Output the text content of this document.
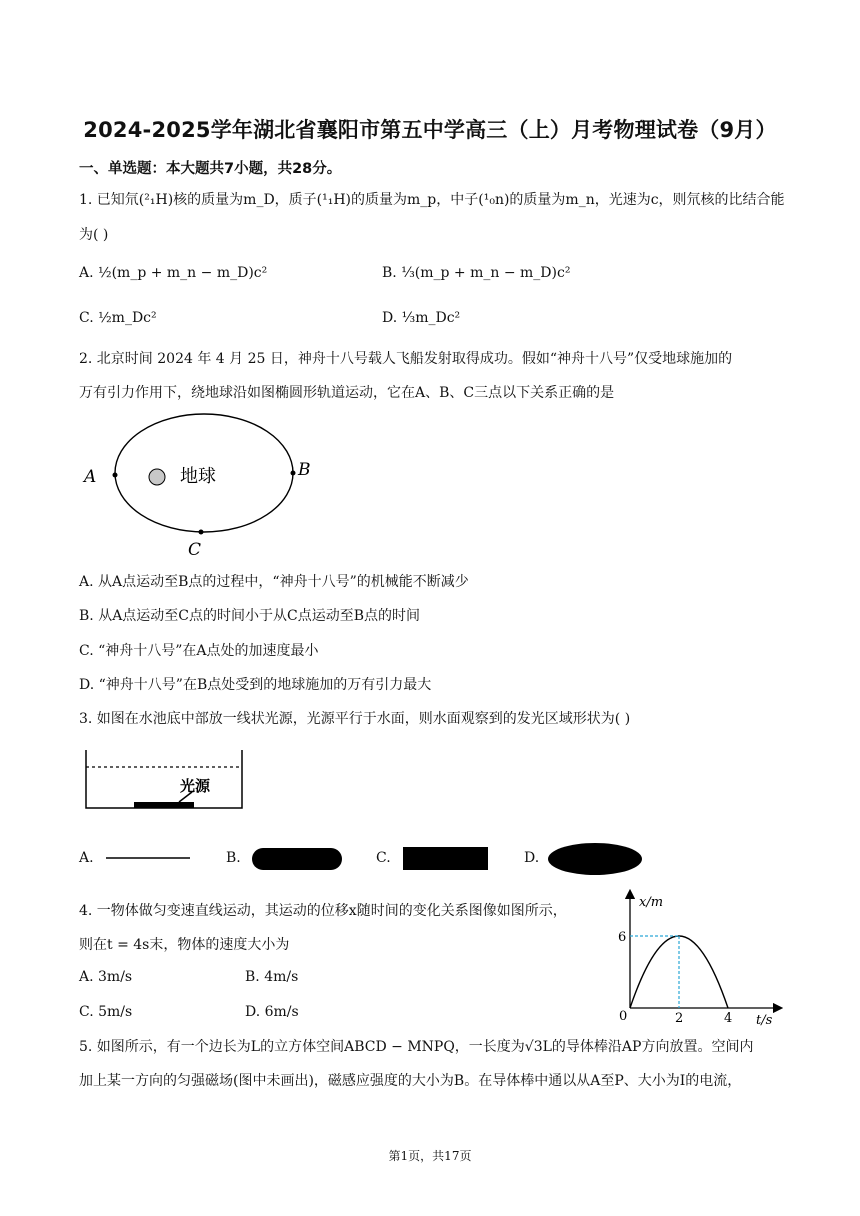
2024-2025学年湖北省襄阳市第五中学高三（上）月考物理试卷（9月）
一、单选题：本大题共7小题，共28分。
1. 已知氘(²₁H)核的质量为m_D，质子(¹₁H)的质量为m_p，中子(¹₀n)的质量为m_n，光速为c，则氘核的比结合能
为( )
A. ½(m_p + m_n − m_D)c²	B. ⅓(m_p + m_n − m_D)c²
C. ½m_Dc²	D. ⅓m_Dc²
2. 北京时间 2024 年 4 月 25 日，神舟十八号载人飞船发射取得成功。假如“神舟十八号”仅受地球施加的
万有引力作用下，绕地球沿如图椭圆形轨道运动，它在A、B、C三点以下关系正确的是
地球
A	B
C
A. 从A点运动至B点的过程中，“神舟十八号”的机械能不断减少
B. 从A点运动至C点的时间小于从C点运动至B点的时间
C. “神舟十八号”在A点处的加速度最小
D. “神舟十八号”在B点处受到的地球施加的万有引力最大
3. 如图在水池底中部放一线状光源，光源平行于水面，则水面观察到的发光区域形状为( )
光源
A.	B.	C.	D.
4. 一物体做匀变速直线运动，其运动的位移x随时间的变化关系图像如图所示，
则在t = 4s末，物体的速度大小为
A. 3m/s	B. 4m/s
C. 5m/s	D. 6m/s
x/m
t/s
6
0	2	4
5. 如图所示，有一个边长为L的立方体空间ABCD − MNPQ，一长度为√3L的导体棒沿AP方向放置。空间内
加上某一方向的匀强磁场(图中未画出)，磁感应强度的大小为B。在导体棒中通以从A至P、大小为I的电流，
第1页，共17页
